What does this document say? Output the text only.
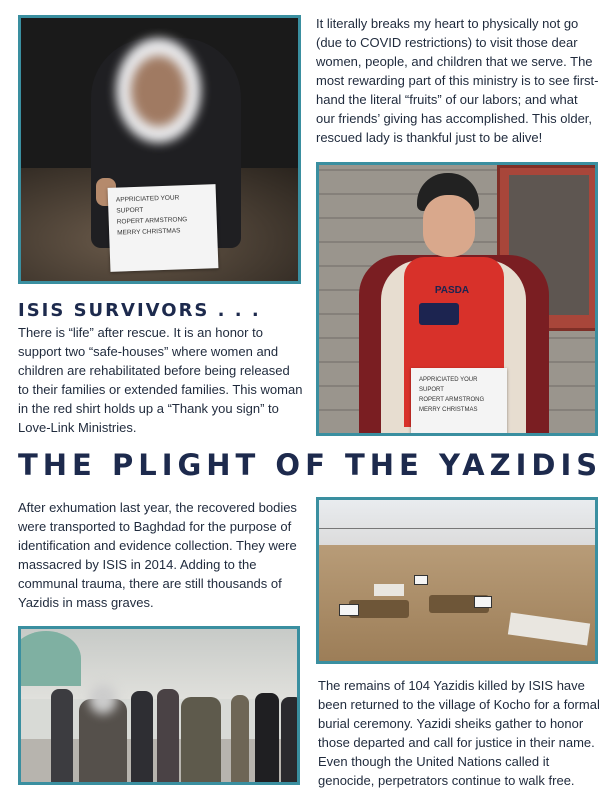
APPRICIATED YOUR
SUPORT
ROPERT ARMSTRONG
MERRY CHRISTMAS

It literally breaks my heart to physically not go (due to COVID restrictions) to visit those dear women, people, and children that we serve. The most rewarding part of this ministry is to see first-hand the literal “fruits” of our labors; and what our friends’ giving has accomplished. This older, rescued lady is thankful just to be alive!

PASDA
APPRICIATED YOUR
SUPORT
ROPERT ARMSTRONG
MERRY CHRISTMAS
ISIS SURVIVORS . . .

There is “life” after rescue. It is an honor to support two “safe-houses” where women and children are rehabilitated before being released to their families or extended families. This woman in the red shirt holds up a “Thank you sign” to Love-Link Ministries.

THE PLIGHT OF THE YAZIDIS

After exhumation last year, the recovered bodies were transported to Baghdad for the purpose of identification and evidence collection. They were massacred by ISIS in 2014. Adding to the communal trauma, there are still thousands of Yazidis in mass graves.

The remains of 104 Yazidis killed by ISIS have been returned to the village of Kocho for a formal burial ceremony. Yazidi sheiks gather to honor those departed and call for justice in their name. Even though the United Nations called it genocide, perpetrators continue to walk free.
